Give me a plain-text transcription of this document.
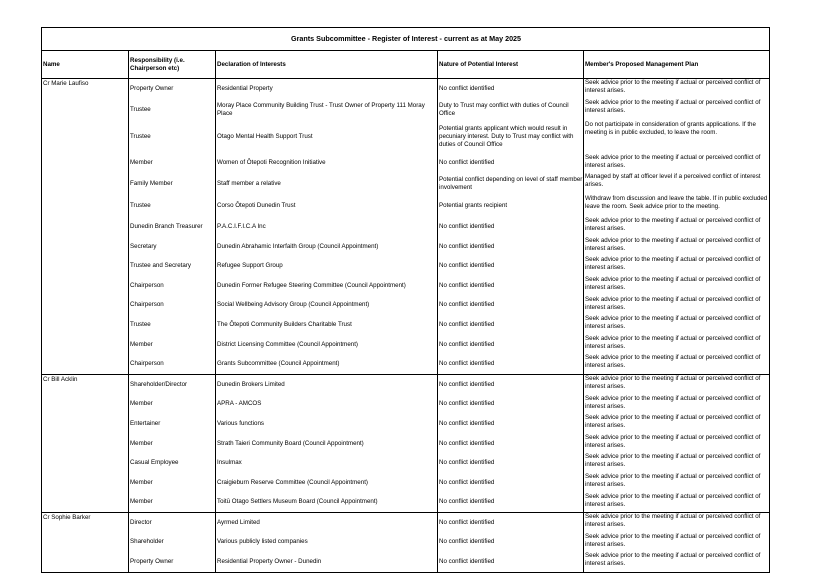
Grants Subcommittee - Register of Interest - current as at May 2025				
Name	Responsibility (i.e. Chairperson etc)	Declaration of Interests	Nature of Potential Interest	Member's Proposed Management Plan
Cr Marie Laufiso	Property Owner	Residential Property	No conflict identified	Seek advice prior to the meeting if actual or perceived conflict of interest arises.
	Trustee	Moray Place Community Building Trust - Trust Owner of Property 111 Moray Place	Duty to Trust may conflict with duties of Council Office	Seek advice prior to the meeting if actual or perceived conflict of interest arises.
	Trustee	Otago Mental Health Support Trust	Potential grants applicant which would result in pecuniary interest. Duty to Trust may conflict with duties of Council Office	Do not participate in consideration of grants applications. If the meeting is in public excluded, to leave the room.
	Member	Women of Ōtepoti Recognition Initiative	No conflict identified	Seek advice prior to the meeting if actual or perceived conflict of interest arises.
	Family Member	Staff member a relative	Potential conflict depending on level of staff member involvement	Managed by staff at officer level if a perceived conflict of interest arises.
	Trustee	Corso Ōtepoti Dunedin Trust	Potential grants recipient	Withdraw from discussion and leave the table. If in public excluded leave the room. Seek advice prior to the meeting.
	Dunedin Branch Treasurer	P.A.C.I.F.I.C.A Inc	No conflict identified	Seek advice prior to the meeting if actual or perceived conflict of interest arises.
	Secretary	Dunedin Abrahamic Interfaith Group (Council Appointment)	No conflict identified	Seek advice prior to the meeting if actual or perceived conflict of interest arises.
	Trustee and Secretary	Refugee Support Group	No conflict identified	Seek advice prior to the meeting if actual or perceived conflict of interest arises.
	Chairperson	Dunedin Former Refugee Steering Committee (Council Appointment)	No conflict identified	Seek advice prior to the meeting if actual or perceived conflict of interest arises.
	Chairperson	Social Wellbeing Advisory Group (Council Appointment)	No conflict identified	Seek advice prior to the meeting if actual or perceived conflict of interest arises.
	Trustee	The Ōtepoti Community Builders Charitable Trust	No conflict identified	Seek advice prior to the meeting if actual or perceived conflict of interest arises.
	Member	District Licensing Committee (Council Appointment)	No conflict identified	Seek advice prior to the meeting if actual or perceived conflict of interest arises.
	Chairperson	Grants Subcommittee (Council Appointment)	No conflict identified	Seek advice prior to the meeting if actual or perceived conflict of interest arises.
Cr Bill Acklin	Shareholder/Director	Dunedin Brokers Limited	No conflict identified	Seek advice prior to the meeting if actual or perceived conflict of interest arises.
	Member	APRA - AMCOS	No conflict identified	Seek advice prior to the meeting if actual or perceived conflict of interest arises.
	Entertainer	Various functions	No conflict identified	Seek advice prior to the meeting if actual or perceived conflict of interest arises.
	Member	Strath Taieri Community Board (Council Appointment)	No conflict identified	Seek advice prior to the meeting if actual or perceived conflict of interest arises.
	Casual Employee	Insulmax	No conflict identified	Seek advice prior to the meeting if actual or perceived conflict of interest arises.
	Member	Craigieburn Reserve Committee (Council Appointment)	No conflict identified	Seek advice prior to the meeting if actual or perceived conflict of interest arises.
	Member	Toitū Otago Settlers Museum Board (Council Appointment)	No conflict identified	Seek advice prior to the meeting if actual or perceived conflict of interest arises.
Cr Sophie Barker	Director	Ayrmed Limited	No conflict identified	Seek advice prior to the meeting if actual or perceived conflict of interest arises.
	Shareholder	Various publicly listed companies	No conflict identified	Seek advice prior to the meeting if actual or perceived conflict of interest arises.
	Property Owner	Residential Property Owner - Dunedin	No conflict identified	Seek advice prior to the meeting if actual or perceived conflict of interest arises.
